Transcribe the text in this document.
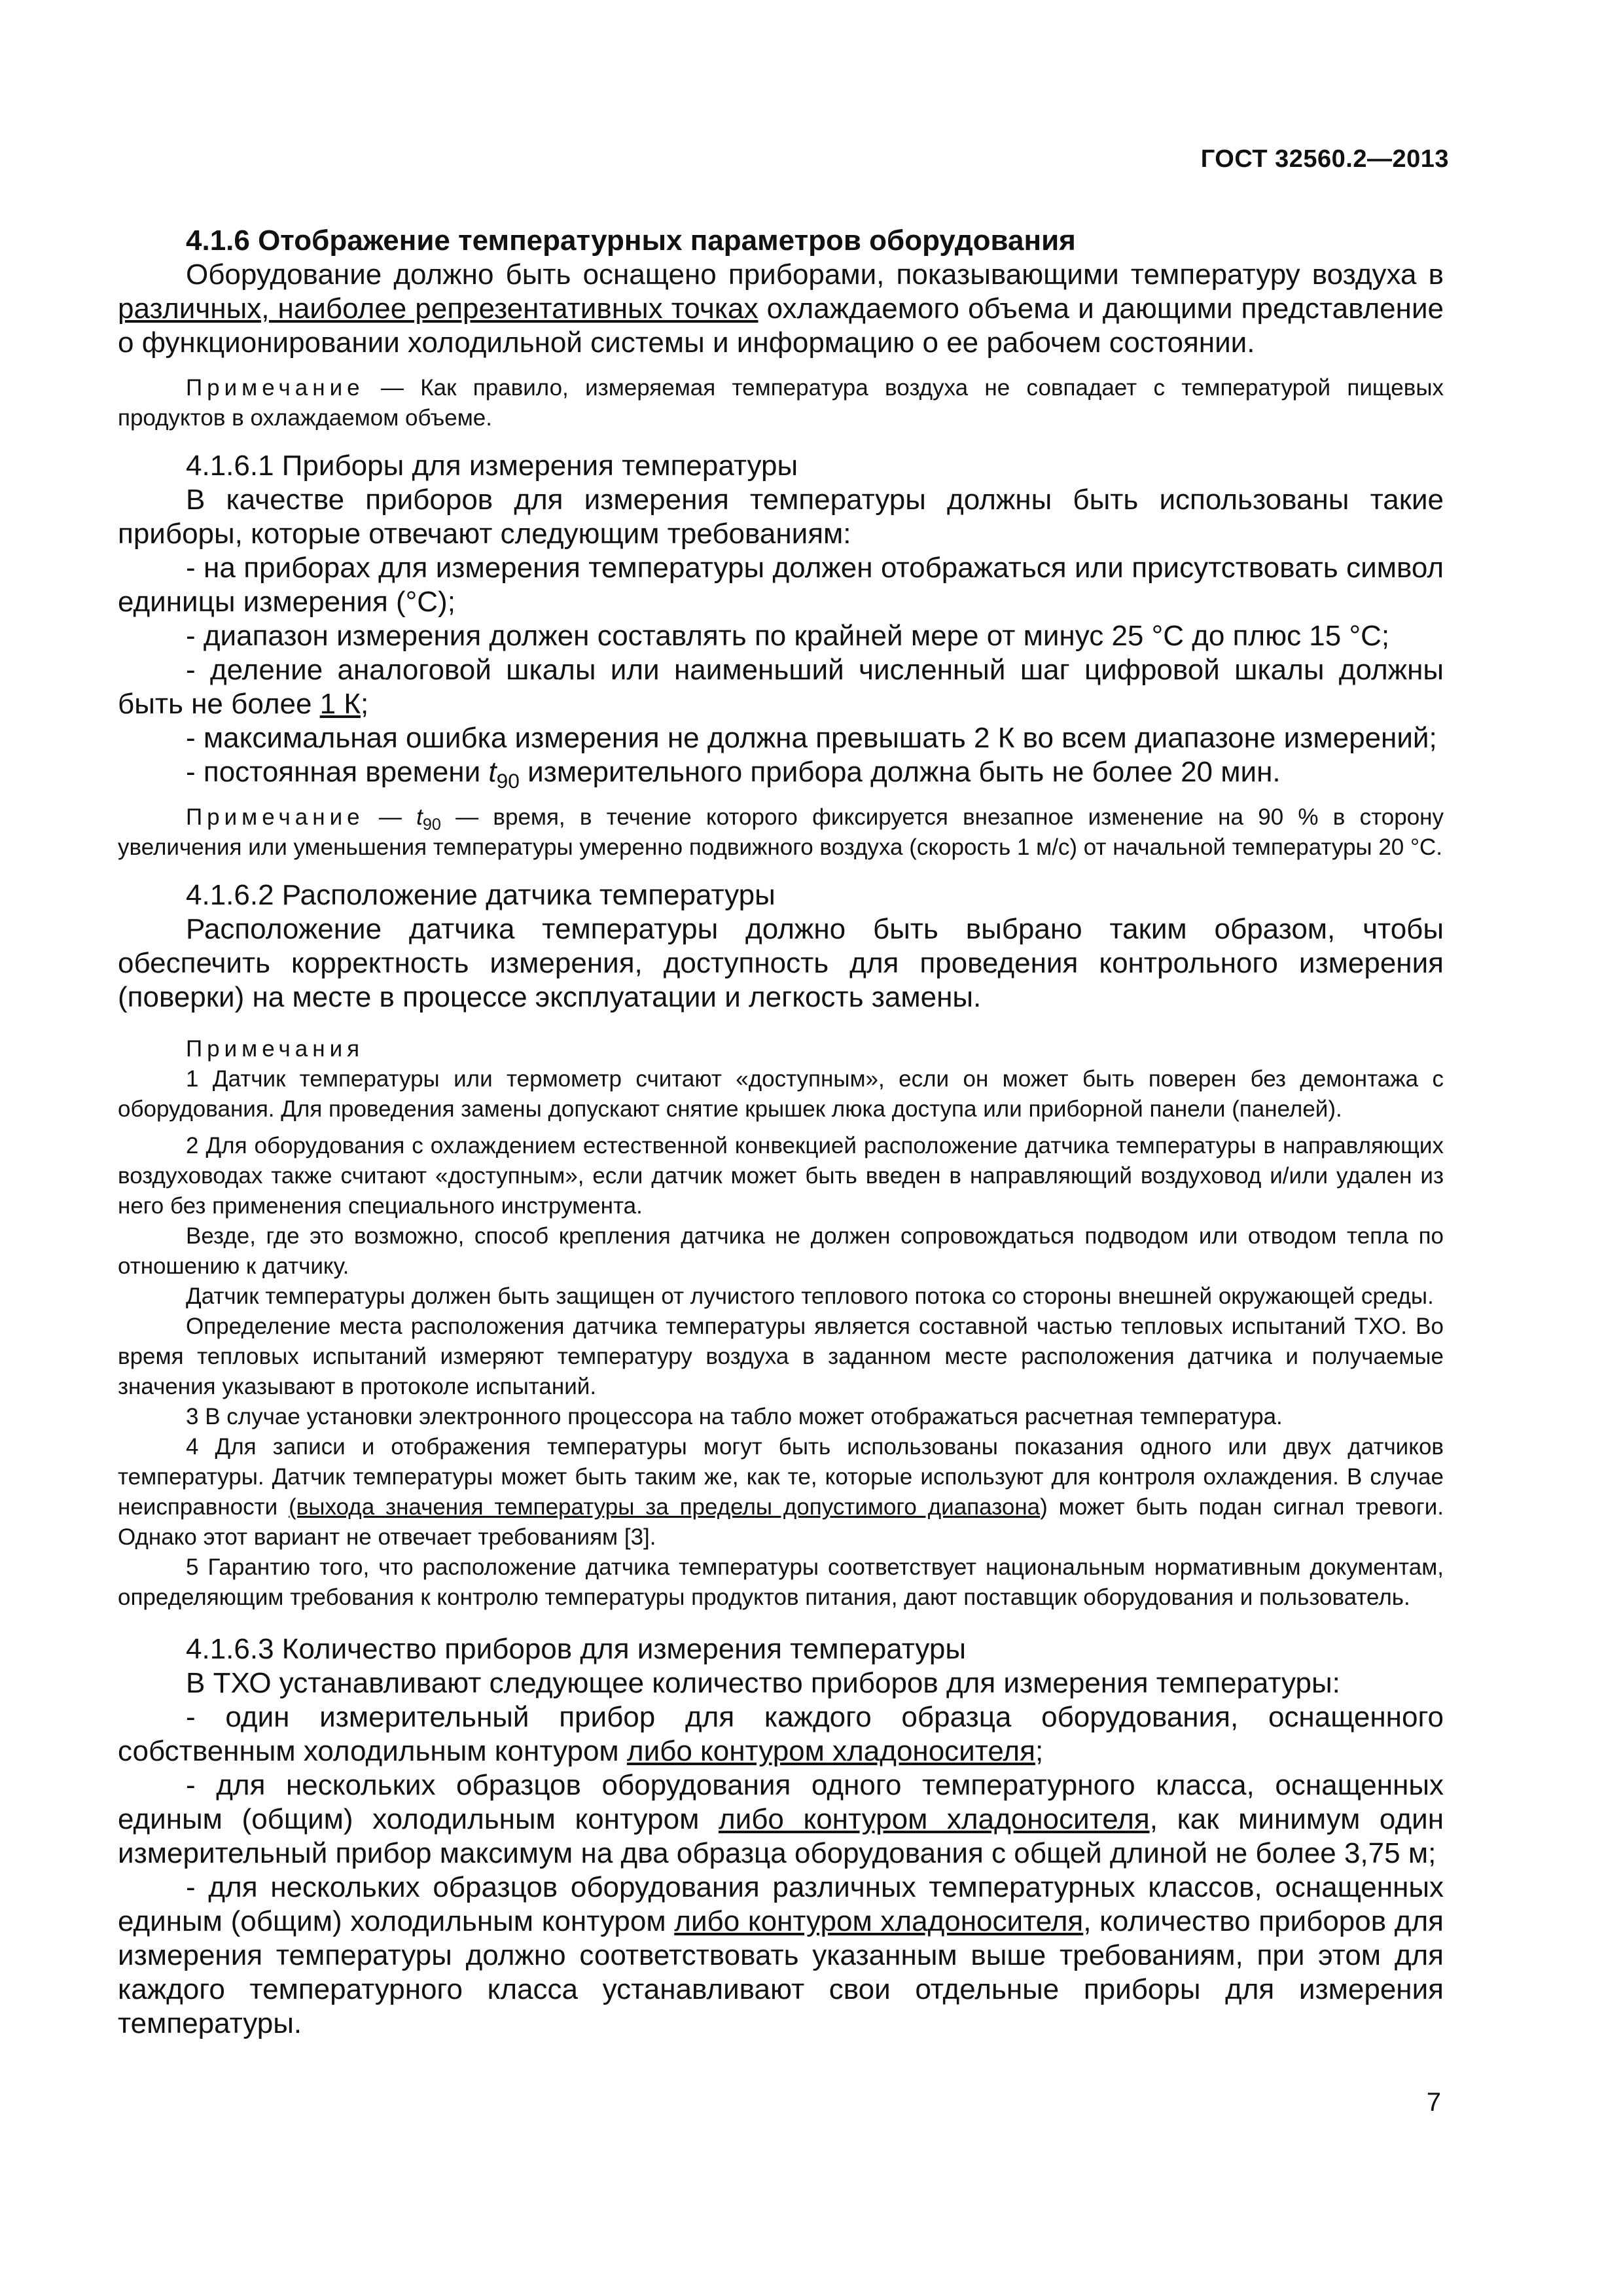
ГОСТ 32560.2—2013

4.1.6 Отображение температурных параметров оборудования

Оборудование должно быть оснащено приборами, показывающими температуру воздуха в различных, наиболее репрезентативных точках охлаждаемого объема и дающими представление о функционировании холодильной системы и информацию о ее рабочем состоянии.

Примечание — Как правило, измеряемая температура воздуха не совпадает с температурой пищевых продуктов в охлаждаемом объеме.

4.1.6.1 Приборы для измерения температуры

В качестве приборов для измерения температуры должны быть использованы такие приборы, которые отвечают следующим требованиям:

- на приборах для измерения температуры должен отображаться или присутствовать символ единицы измерения (°С);

- диапазон измерения должен составлять по крайней мере от минус 25 °С до плюс 15 °С;

- деление аналоговой шкалы или наименьший численный шаг цифровой шкалы должны быть не более 1 К;

- максимальная ошибка измерения не должна превышать 2 К во всем диапазоне измерений;

- постоянная времени $t_{90}$ измерительного прибора должна быть не более 20 мин.

Примечание — $t_{90}$ — время, в течение которого фиксируется внезапное изменение на 90 % в сторону увеличения или уменьшения температуры умеренно подвижного воздуха (скорость 1 м/с) от начальной температуры 20 °С.

4.1.6.2 Расположение датчика температуры

Расположение датчика температуры должно быть выбрано таким образом, чтобы обеспечить корректность измерения, доступность для проведения контрольного измерения (поверки) на месте в процессе эксплуатации и легкость замены.

Примечания

1 Датчик температуры или термометр считают «доступным», если он может быть поверен без демонтажа с оборудования. Для проведения замены допускают снятие крышек люка доступа или приборной панели (панелей).

2 Для оборудования с охлаждением естественной конвекцией расположение датчика температуры в направляющих воздуховодах также считают «доступным», если датчик может быть введен в направляющий воздуховод и/или удален из него без применения специального инструмента.

Везде, где это возможно, способ крепления датчика не должен сопровождаться подводом или отводом тепла по отношению к датчику.

Датчик температуры должен быть защищен от лучистого теплового потока со стороны внешней окружающей среды.

Определение места расположения датчика температуры является составной частью тепловых испытаний ТХО. Во время тепловых испытаний измеряют температуру воздуха в заданном месте расположения датчика и получаемые значения указывают в протоколе испытаний.

3 В случае установки электронного процессора на табло может отображаться расчетная температура.

4 Для записи и отображения температуры могут быть использованы показания одного или двух датчиков температуры. Датчик температуры может быть таким же, как те, которые используют для контроля охлаждения. В случае неисправности (выхода значения температуры за пределы допустимого диапазона) может быть подан сигнал тревоги. Однако этот вариант не отвечает требованиям [3].

5 Гарантию того, что расположение датчика температуры соответствует национальным нормативным документам, определяющим требования к контролю температуры продуктов питания, дают поставщик оборудования и пользователь.

4.1.6.3 Количество приборов для измерения температуры

В ТХО устанавливают следующее количество приборов для измерения температуры:

- один измерительный прибор для каждого образца оборудования, оснащенного собственным холодильным контуром либо контуром хладоносителя;

- для нескольких образцов оборудования одного температурного класса, оснащенных единым (общим) холодильным контуром либо контуром хладоносителя, как минимум один измерительный прибор максимум на два образца оборудования с общей длиной не более 3,75 м;

- для нескольких образцов оборудования различных температурных классов, оснащенных единым (общим) холодильным контуром либо контуром хладоносителя, количество приборов для измерения температуры должно соответствовать указанным выше требованиям, при этом для каждого температурного класса устанавливают свои отдельные приборы для измерения температуры.

7
